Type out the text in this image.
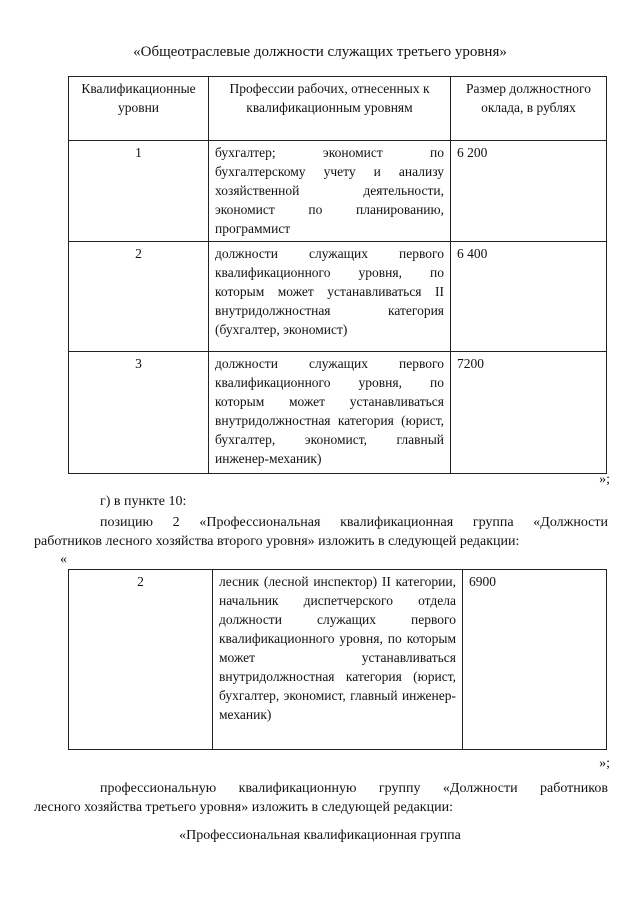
«Общеотраслевые должности служащих третьего уровня»
Квалификационные уровни	Профессии рабочих, отнесенных к квалификационным уровням	Размер должностного оклада, в рублях
1	бухгалтер; экономист по бухгалтерскому учету и анализу хозяйственной деятельности, экономист по планированию, программист	6 200
2	должности служащих первого квалификационного уровня, по которым может устанавливаться II внутридолжностная категория (бухгалтер, экономист)	6 400
3	должности служащих первого квалификационного уровня, по которым может устанавливаться внутридолжностная категория (юрист, бухгалтер, экономист, главный инженер-механик)	7200
»;
г) в пункте 10:
позицию 2 «Профессиональная квалификационная группа «Должности
работников лесного хозяйства второго уровня» изложить в следующей редакции:
«
2	лесник (лесной инспектор) II категории, начальник диспетчерского отдела должности служащих первого квалификационного уровня, по которым может устанавливаться внутридолжностная категория (юрист, бухгалтер, экономист, главный инженер-механик)	6900
»;
профессиональную квалификационную группу «Должности работников
лесного хозяйства третьего уровня» изложить в следующей редакции:
«Профессиональная квалификационная группа
